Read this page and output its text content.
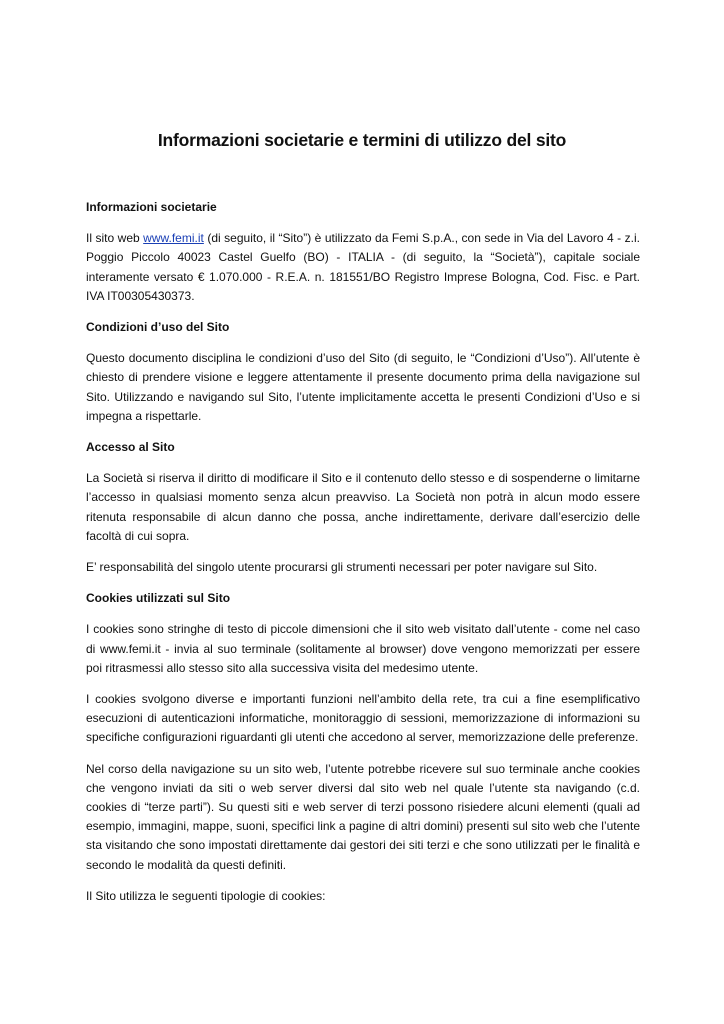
Informazioni societarie e termini di utilizzo del sito
Informazioni societarie

Il sito web www.femi.it (di seguito, il “Sito”) è utilizzato da Femi S.p.A., con sede in Via del Lavoro 4 - z.i. Poggio Piccolo 40023 Castel Guelfo (BO) - ITALIA - (di seguito, la “Società”), capitale sociale interamente versato € 1.070.000 - R.E.A. n. 181551/BO Registro Imprese Bologna, Cod. Fisc. e Part. IVA IT00305430373.

Condizioni d’uso del Sito

Questo documento disciplina le condizioni d’uso del Sito (di seguito, le “Condizioni d’Uso”). All’utente è chiesto di prendere visione e leggere attentamente il presente documento prima della navigazione sul Sito. Utilizzando e navigando sul Sito, l’utente implicitamente accetta le presenti Condizioni d’Uso e si impegna a rispettarle.

Accesso al Sito

La Società si riserva il diritto di modificare il Sito e il contenuto dello stesso e di sospenderne o limitarne l’accesso in qualsiasi momento senza alcun preavviso. La Società non potrà in alcun modo essere ritenuta responsabile di alcun danno che possa, anche indirettamente, derivare dall’esercizio delle facoltà di cui sopra.

E’ responsabilità del singolo utente procurarsi gli strumenti necessari per poter navigare sul Sito.

Cookies utilizzati sul Sito

I cookies sono stringhe di testo di piccole dimensioni che il sito web visitato dall’utente - come nel caso di www.femi.it - invia al suo terminale (solitamente al browser) dove vengono memorizzati per essere poi ritrasmessi allo stesso sito alla successiva visita del medesimo utente.

I cookies svolgono diverse e importanti funzioni nell’ambito della rete, tra cui a fine esemplificativo esecuzioni di autenticazioni informatiche, monitoraggio di sessioni, memorizzazione di informazioni su specifiche configurazioni riguardanti gli utenti che accedono al server, memorizzazione delle preferenze.

Nel corso della navigazione su un sito web, l’utente potrebbe ricevere sul suo terminale anche cookies che vengono inviati da siti o web server diversi dal sito web nel quale l’utente sta navigando (c.d. cookies di “terze parti”). Su questi siti e web server di terzi possono risiedere alcuni elementi (quali ad esempio, immagini, mappe, suoni, specifici link a pagine di altri domini) presenti sul sito web che l’utente sta visitando che sono impostati direttamente dai gestori dei siti terzi e che sono utilizzati per le finalità e secondo le modalità da questi definiti.

Il Sito utilizza le seguenti tipologie di cookies:
